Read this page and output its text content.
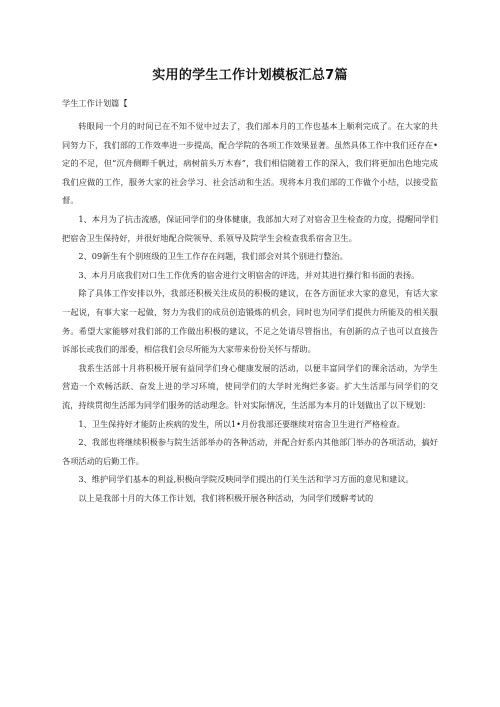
实用的学生工作计划模板汇总7篇
学生工作计划篇【

转眼间一个月的时间已在不知不觉中过去了，我们部本月的工作也基本上顺利完成了。在大家的共同努力下，我们部的工作效率进一步提高，配合学院的各项工作效果显著。虽然具体工作中我们还存在•定的不足，但“沉舟侧畔千帆过，病树前头万木春”，我们相信随着工作的深入，我们将更加出色地完成我们应做的工作，服务大家的社会学习、社会活动和生活。现将本月我们部的工作做个小结，以接受监督。

1、本月为了抗击流感，保证同学们的身体健康，我部加大对了对宿舍卫生检查的力度，提醒同学们把宿舍卫生保持好，并很好地配合院领导、系领导及院学生会检查我系宿舍卫生。

2、09新生有个别班级的卫生工作存在问题，我们部会对其个别进行整治。

3、本月月底我们对口生工作优秀的宿舍进行文明宿舍的评选，并对其进行操行和书面的表扬。

除了具体工作安排以外，我部还积极关注成员的积极的建议，在各方面征求大家的意见，有话大家一起说，有事大家一起做，努力为我们的成员创造锻炼的机会，同时也为同学们提供力所能及的相关服务。希望大家能够对我们部的工作做出积极的建议，不足之处请尽管指出，有创新的点子也可以直接告诉部长或我们的部委，相信我们会尽所能为大家带来份份关怀与帮助。

我系生活部十月将积极开展有益同学们身心健康发展的活动，以便丰富同学们的课余活动，为学生营造一个欢畅活跃、奋发上进的学习环境，使同学们的大学时光绚烂多姿。扩大生活部与同学们的交流，持续贯彻生活部为同学们服务的活动理念。针对实际情况，生活部为本月的计划做出了以下规划：

1、卫生保持好才能防止疾病的发生，所以1•月份我部还要继续对宿舍卫生进行严格检查。

2、我部也将继续积极参与院生活部举办的各种活动，并配合好系内其他部门举办的各项活动，搞好各项活动的后勤工作。

3、维护同学们基本的利益,积极向学院反映同学们提出的仃关生活和学习方面的意见和建议。

以上是我部十月的大体工作计划，我们将积极开展各种活动，为同学们缓解考试的
